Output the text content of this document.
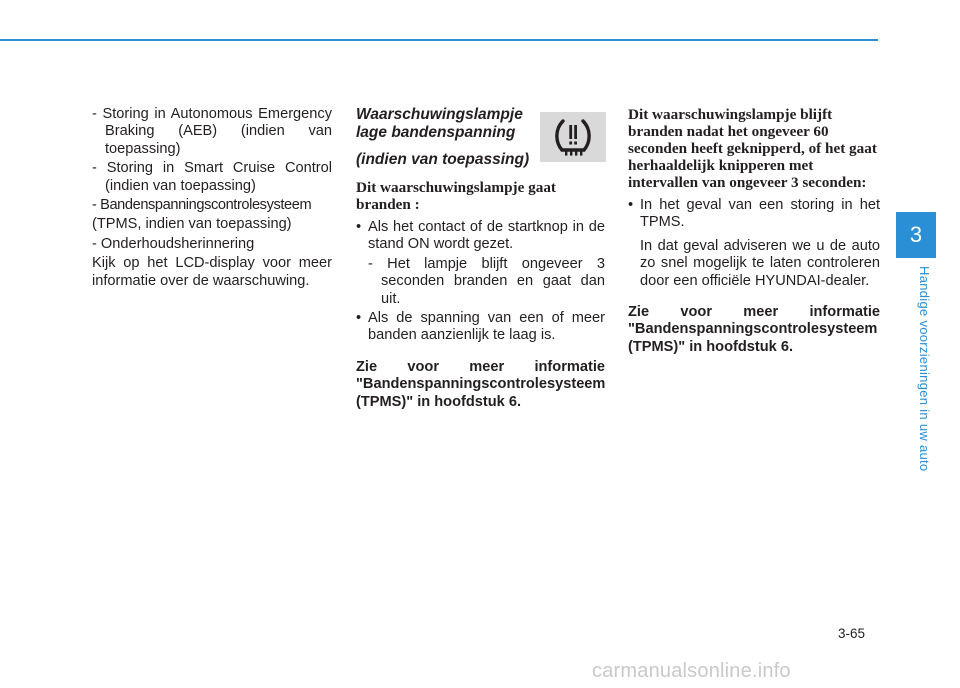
- Storing in Autonomous Emergency Braking (AEB) (indien van toepassing)

- Storing in Smart Cruise Control (indien van toepassing)

- Bandenspanningscontrolesysteem

(TPMS, indien van toepassing)

- Onderhoudsherinnering

Kijk op het LCD-display voor meer informatie over de waarschuwing.

Waarschuwingslampje lage bandenspanning
(indien van toepassing)

Dit waarschuwingslampje gaat branden :

• Als het contact of de startknop in de stand ON wordt gezet.

- Het lampje blijft ongeveer 3 seconden branden en gaat dan uit.

• Als de spanning van een of meer banden aanzienlijk te laag is.

Zie voor meer informatie "Bandenspanningscontrolesysteem (TPMS)" in hoofdstuk 6.

Dit waarschuwingslampje blijft branden nadat het ongeveer 60 seconden heeft geknipperd, of het gaat herhaaldelijk knipperen met intervallen van ongeveer 3 seconden:

• In het geval van een storing in het TPMS.

In dat geval adviseren we u de auto zo snel mogelijk te laten controleren door een officiële HYUNDAI-dealer.

Zie voor meer informatie "Bandenspanningscontrolesysteem (TPMS)" in hoofdstuk 6.

3
Handige voorzieningen in uw auto
3-65
carmanualsonline.info
